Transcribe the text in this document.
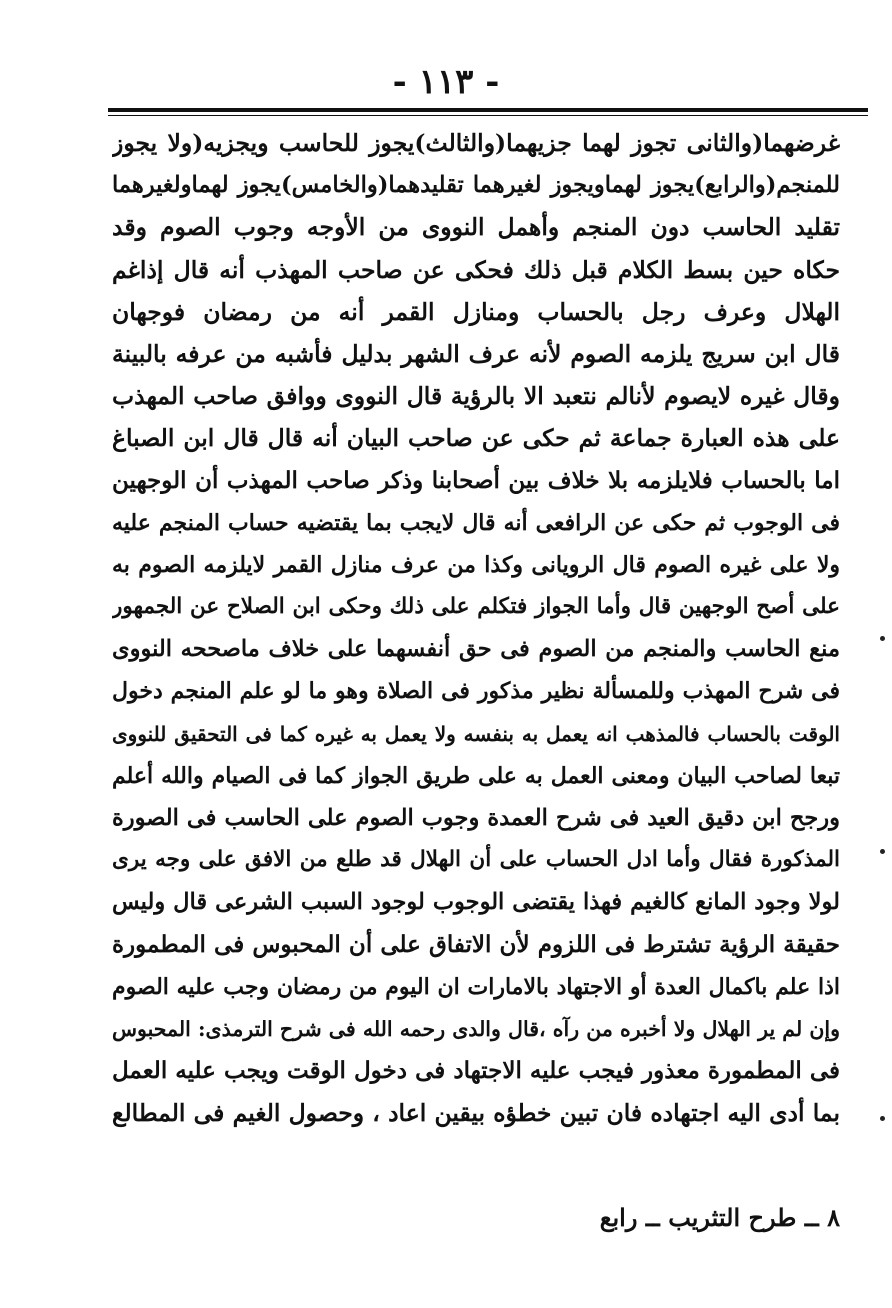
- ١١٣ -
غرضهما(والثانى تجوز لهما جزيهما(والثالث)يجوز للحاسب ويجزيه(ولا يجوز
للمنجم(والرابع)يجوز لهماويجوز لغيرهما تقليدهما(والخامس)يجوز لهماولغيرهما
تقليد الحاسب دون المنجم وأهمل النووى من الأوجه وجوب الصوم وقد
حكاه حين بسط الكلام قبل ذلك فحكى عن صاحب المهذب أنه قال إذاغم
الهلال وعرف رجل بالحساب ومنازل القمر أنه من رمضان فوجهان
قال ابن سريج يلزمه الصوم لأنه عرف الشهر بدليل فأشبه من عرفه بالبينة
وقال غيره لايصوم لأنالم نتعبد الا بالرؤية قال النووى ووافق صاحب المهذب
على هذه العبارة جماعة ثم حكى عن صاحب البيان أنه قال قال ابن الصباغ
اما بالحساب فلايلزمه بلا خلاف بين أصحابنا وذكر صاحب المهذب أن الوجهين
فى الوجوب ثم حكى عن الرافعى أنه قال لايجب بما يقتضيه حساب المنجم عليه
ولا على غيره الصوم قال الرويانى وكذا من عرف منازل القمر لايلزمه الصوم به
على أصح الوجهين قال وأما الجواز فتكلم على ذلك وحكى ابن الصلاح عن الجمهور
منع الحاسب والمنجم من الصوم فى حق أنفسهما على خلاف ماصححه النووى
فى شرح المهذب وللمسألة نظير مذكور فى الصلاة وهو ما لو علم المنجم دخول
الوقت بالحساب فالمذهب انه يعمل به بنفسه ولا يعمل به غيره كما فى التحقيق للنووى
تبعا لصاحب البيان ومعنى العمل به على طريق الجواز كما فى الصيام والله أعلم
ورجح ابن دقيق العيد فى شرح العمدة وجوب الصوم على الحاسب فى الصورة
المذكورة فقال وأما ادل الحساب على أن الهلال قد طلع من الافق على وجه يرى
لولا وجود المانع كالغيم فهذا يقتضى الوجوب لوجود السبب الشرعى قال وليس
حقيقة الرؤية تشترط فى اللزوم لأن الاتفاق على أن المحبوس فى المطمورة
اذا علم باكمال العدة أو الاجتهاد بالامارات ان اليوم من رمضان وجب عليه الصوم
وإن لم ير الهلال ولا أخبره من رآه ،قال والدى رحمه الله فى شرح الترمذى: المحبوس
فى المطمورة معذور فيجب عليه الاجتهاد فى دخول الوقت ويجب عليه العمل
بما أدى اليه اجتهاده فان تبين خطؤه بيقين اعاد ، وحصول الغيم فى المطالع
٨ ــ طرح التثريب ــ رابع
